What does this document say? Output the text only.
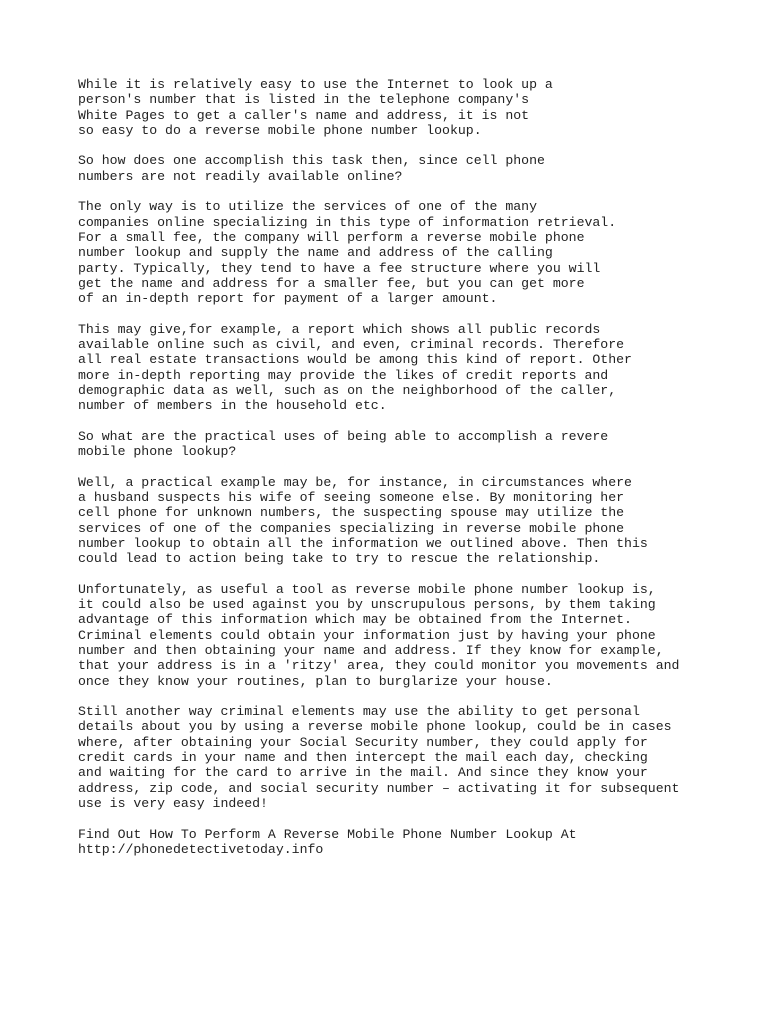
While it is relatively easy to use the Internet to look up a
person's number that is listed in the telephone company's
White Pages to get a caller's name and address, it is not
so easy to do a reverse mobile phone number lookup.

So how does one accomplish this task then, since cell phone
numbers are not readily available online?

The only way is to utilize the services of one of the many
companies online specializing in this type of information retrieval.
For a small fee, the company will perform a reverse mobile phone
number lookup and supply the name and address of the calling
party. Typically, they tend to have a fee structure where you will
get the name and address for a smaller fee, but you can get more
of an in-depth report for payment of a larger amount.

This may give,for example, a report which shows all public records
available online such as civil, and even, criminal records. Therefore
all real estate transactions would be among this kind of report. Other
more in-depth reporting may provide the likes of credit reports and
demographic data as well, such as on the neighborhood of the caller,
number of members in the household etc.

So what are the practical uses of being able to accomplish a revere
mobile phone lookup?

Well, a practical example may be, for instance, in circumstances where
a husband suspects his wife of seeing someone else. By monitoring her
cell phone for unknown numbers, the suspecting spouse may utilize the
services of one of the companies specializing in reverse mobile phone
number lookup to obtain all the information we outlined above. Then this
could lead to action being take to try to rescue the relationship.

Unfortunately, as useful a tool as reverse mobile phone number lookup is,
it could also be used against you by unscrupulous persons, by them taking
advantage of this information which may be obtained from the Internet.
Criminal elements could obtain your information just by having your phone
number and then obtaining your name and address. If they know for example,
that your address is in a 'ritzy' area, they could monitor you movements and
once they know your routines, plan to burglarize your house.

Still another way criminal elements may use the ability to get personal
details about you by using a reverse mobile phone lookup, could be in cases
where, after obtaining your Social Security number, they could apply for
credit cards in your name and then intercept the mail each day, checking
and waiting for the card to arrive in the mail. And since they know your
address, zip code, and social security number – activating it for subsequent
use is very easy indeed!

Find Out How To Perform A Reverse Mobile Phone Number Lookup At
http://phonedetectivetoday.info
